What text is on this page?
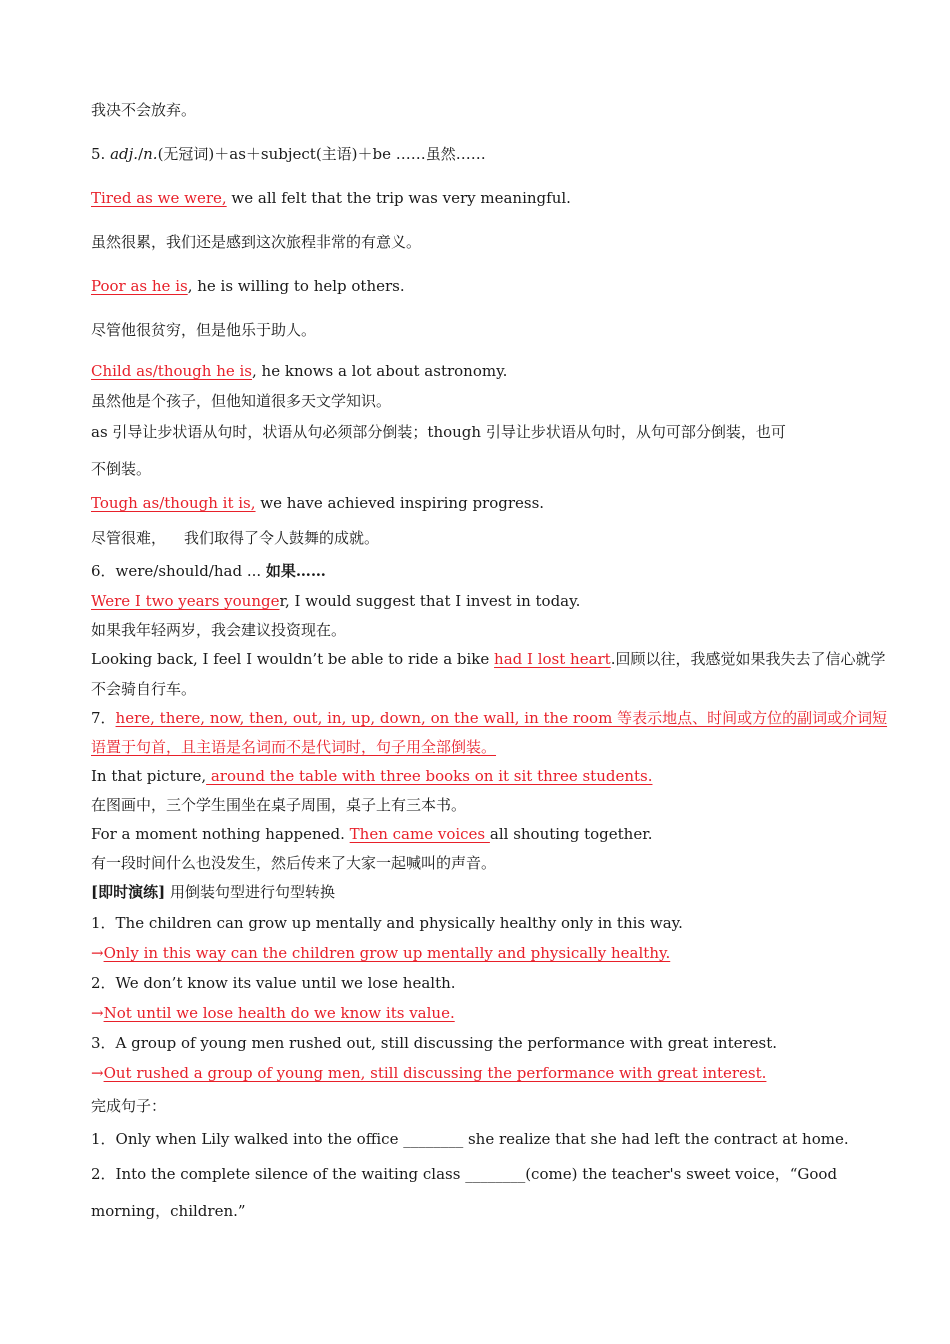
我决不会放弃。
5. adj./n.(无冠词)＋as＋subject(主语)＋be ……虽然……
Tired as we were, we all felt that the trip was very meaningful.
虽然很累，我们还是感到这次旅程非常的有意义。
Poor as he is, he is willing to help others.
尽管他很贫穷，但是他乐于助人。
Child as/though he is, he knows a lot about astronomy.
虽然他是个孩子，但他知道很多天文学知识。
as 引导让步状语从句时，状语从句必须部分倒装；though 引导让步状语从句时，从句可部分倒装，也可
不倒装。
Tough as/though it is, we have achieved inspiring progress.
尽管很难， 我们取得了令人鼓舞的成就。
6．were/should/had ... 如果……
Were I two years younger, I would suggest that I invest in today.
如果我年轻两岁，我会建议投资现在。
Looking back, I feel I wouldn’t be able to ride a bike had I lost heart.回顾以往，我感觉如果我失去了信心就学
不会骑自行车。
7．here, there, now, then, out, in, up, down, on the wall, in the room 等表示地点、时间或方位的副词或介词短
语置于句首，且主语是名词而不是代词时，句子用全部倒装。
In that picture, around the table with three books on it sit three students.
在图画中，三个学生围坐在桌子周围，桌子上有三本书。
For a moment nothing happened. Then came voices all shouting together.
有一段时间什么也没发生，然后传来了大家一起喊叫的声音。
[即时演练] 用倒装句型进行句型转换
1．The children can grow up mentally and physically healthy only in this way.
→Only in this way can the children grow up mentally and physically healthy.
2．We don’t know its value until we lose health.
→Not until we lose health do we know its value.
3．A group of young men rushed out, still discussing the performance with great interest.
→Out rushed a group of young men, still discussing the performance with great interest.
完成句子：
1．Only when Lily walked into the office ________ she realize that she had left the contract at home.
2．Into the complete silence of the waiting class ________(come) the teacher's sweet voice，“Good
morning，children.”
